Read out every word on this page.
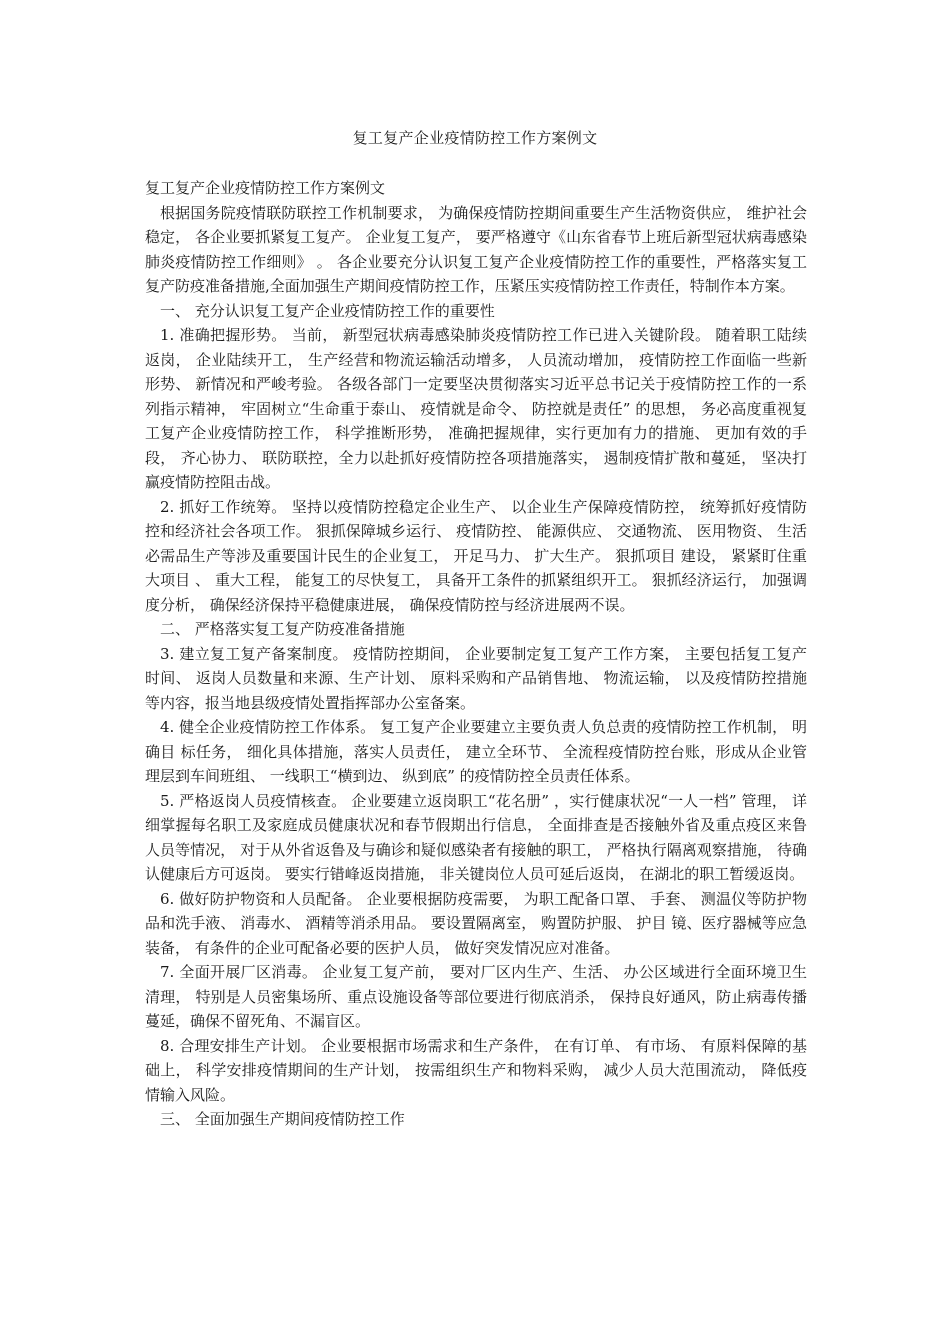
复工复产企业疫情防控工作方案例文

复工复产企业疫情防控工作方案例文

根据国务院疫情联防联控工作机制要求， 为确保疫情防控期间重要生产生活物资供应， 维护社会稳定， 各企业要抓紧复工复产。 企业复工复产， 要严格遵守《山东省春节上班后新型冠状病毒感染肺炎疫情防控工作细则》 。 各企业要充分认识复工复产企业疫情防控工作的重要性，严格落实复工复产防疫准备措施,全面加强生产期间疫情防控工作，压紧压实疫情防控工作责任，特制作本方案。

一、 充分认识复工复产企业疫情防控工作的重要性

1. 准确把握形势。 当前， 新型冠状病毒感染肺炎疫情防控工作已进入关键阶段。 随着职工陆续返岗， 企业陆续开工， 生产经营和物流运输活动增多， 人员流动增加， 疫情防控工作面临一些新形势、 新情况和严峻考验。 各级各部门一定要坚决贯彻落实习近平总书记关于疫情防控工作的一系列指示精神， 牢固树立“生命重于泰山、 疫情就是命令、 防控就是责任” 的思想， 务必高度重视复工复产企业疫情防控工作， 科学推断形势， 准确把握规律，实行更加有力的措施、 更加有效的手段， 齐心协力、 联防联控，全力以赴抓好疫情防控各项措施落实， 遏制疫情扩散和蔓延， 坚决打赢疫情防控阻击战。

2. 抓好工作统筹。 坚持以疫情防控稳定企业生产、 以企业生产保障疫情防控， 统筹抓好疫情防控和经济社会各项工作。 狠抓保障城乡运行、 疫情防控、 能源供应、 交通物流、 医用物资、 生活必需品生产等涉及重要国计民生的企业复工， 开足马力、 扩大生产。 狠抓项目 建设， 紧紧盯住重大项目 、 重大工程， 能复工的尽快复工， 具备开工条件的抓紧组织开工。 狠抓经济运行， 加强调度分析， 确保经济保持平稳健康进展， 确保疫情防控与经济进展两不误。

二、 严格落实复工复产防疫准备措施

3. 建立复工复产备案制度。 疫情防控期间， 企业要制定复工复产工作方案， 主要包括复工复产时间、 返岗人员数量和来源、生产计划、 原料采购和产品销售地、 物流运输， 以及疫情防控措施等内容，报当地县级疫情处置指挥部办公室备案。

4. 健全企业疫情防控工作体系。 复工复产企业要建立主要负责人负总责的疫情防控工作机制， 明确目 标任务， 细化具体措施，落实人员责任， 建立全环节、 全流程疫情防控台账，形成从企业管理层到车间班组、 一线职工“横到边、 纵到底” 的疫情防控全员责任体系。

5. 严格返岗人员疫情核查。 企业要建立返岗职工“花名册” ，实行健康状况“一人一档” 管理， 详细掌握每名职工及家庭成员健康状况和春节假期出行信息， 全面排查是否接触外省及重点疫区来鲁人员等情况， 对于从外省返鲁及与确诊和疑似感染者有接触的职工， 严格执行隔离观察措施， 待确认健康后方可返岗。 要实行错峰返岗措施， 非关键岗位人员可延后返岗， 在湖北的职工暂缓返岗。

6. 做好防护物资和人员配备。 企业要根据防疫需要， 为职工配备口罩、 手套、 测温仪等防护物品和洗手液、 消毒水、 酒精等消杀用品。 要设置隔离室， 购置防护服、 护目 镜、医疗器械等应急装备， 有条件的企业可配备必要的医护人员， 做好突发情况应对准备。

7. 全面开展厂区消毒。 企业复工复产前， 要对厂区内生产、生活、 办公区域进行全面环境卫生清理， 特别是人员密集场所、重点设施设备等部位要进行彻底消杀， 保持良好通风，防止病毒传播蔓延，确保不留死角、不漏盲区。

8. 合理安排生产计划。 企业要根据市场需求和生产条件， 在有订单、 有市场、 有原料保障的基础上， 科学安排疫情期间的生产计划， 按需组织生产和物料采购， 减少人员大范围流动， 降低疫情输入风险。

三、 全面加强生产期间疫情防控工作
